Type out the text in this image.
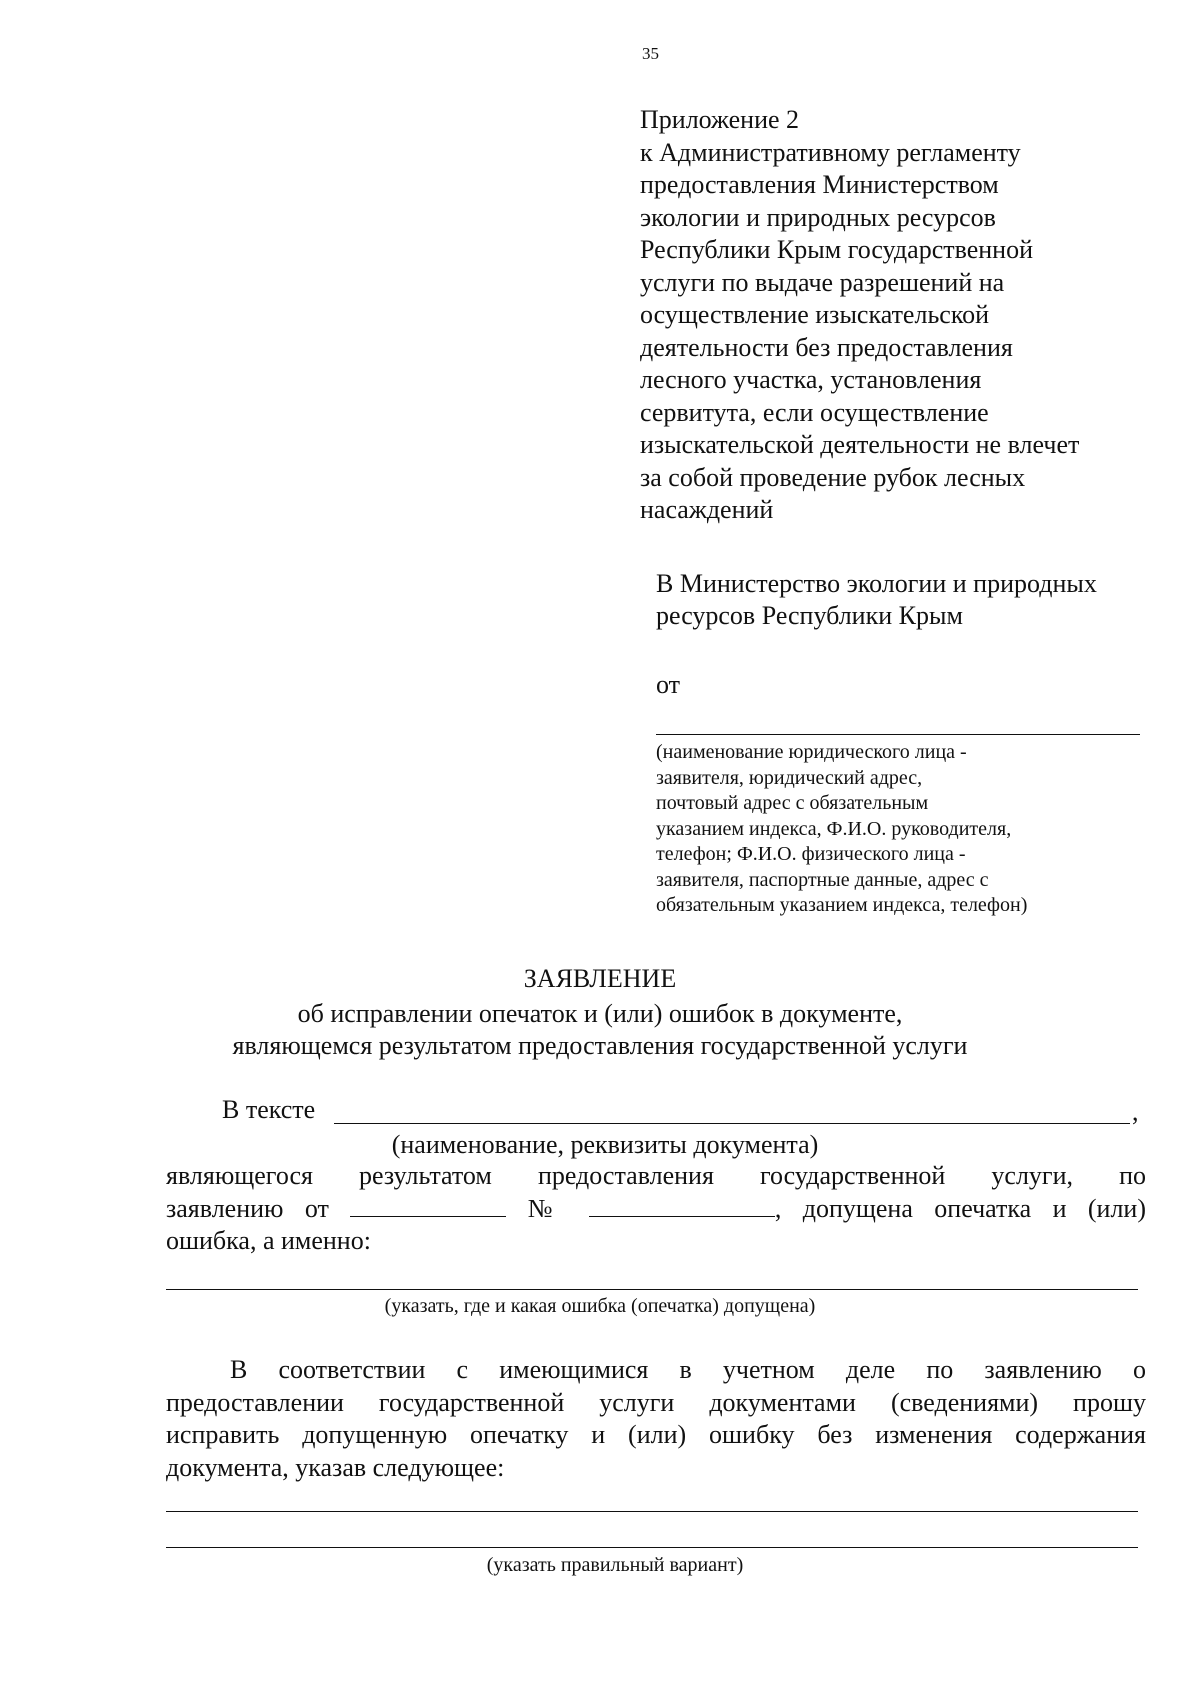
35
Приложение 2
к Административному регламенту
предоставления Министерством
экологии и природных ресурсов
Республики Крым государственной
услуги по выдаче разрешений на
осуществление изыскательской
деятельности без предоставления
лесного участка, установления
сервитута, если осуществление
изыскательской деятельности не влечет
за собой проведение рубок лесных
насаждений
В Министерство экологии и природных
ресурсов Республики Крым
от
(наименование юридического лица -
заявителя, юридический адрес,
почтовый адрес с обязательным
указанием индекса, Ф.И.О. руководителя,
телефон; Ф.И.О. физического лица -
заявителя, паспортные данные, адрес с
обязательным указанием индекса, телефон)
ЗАЯВЛЕНИЕ
об исправлении опечаток и (или) ошибок в документе,
являющемся результатом предоставления государственной услуги
В тексте	,
(наименование, реквизиты документа)
являющегося результатом предоставления государственной услуги, по
заявлению от	№	, допущена опечатка и (или)
ошибка, а именно:
(указать, где и какая ошибка (опечатка) допущена)
В соответствии с имеющимися в учетном деле по заявлению о
предоставлении государственной услуги документами (сведениями) прошу
исправить допущенную опечатку и (или) ошибку без изменения содержания
документа, указав следующее:
(указать правильный вариант)
